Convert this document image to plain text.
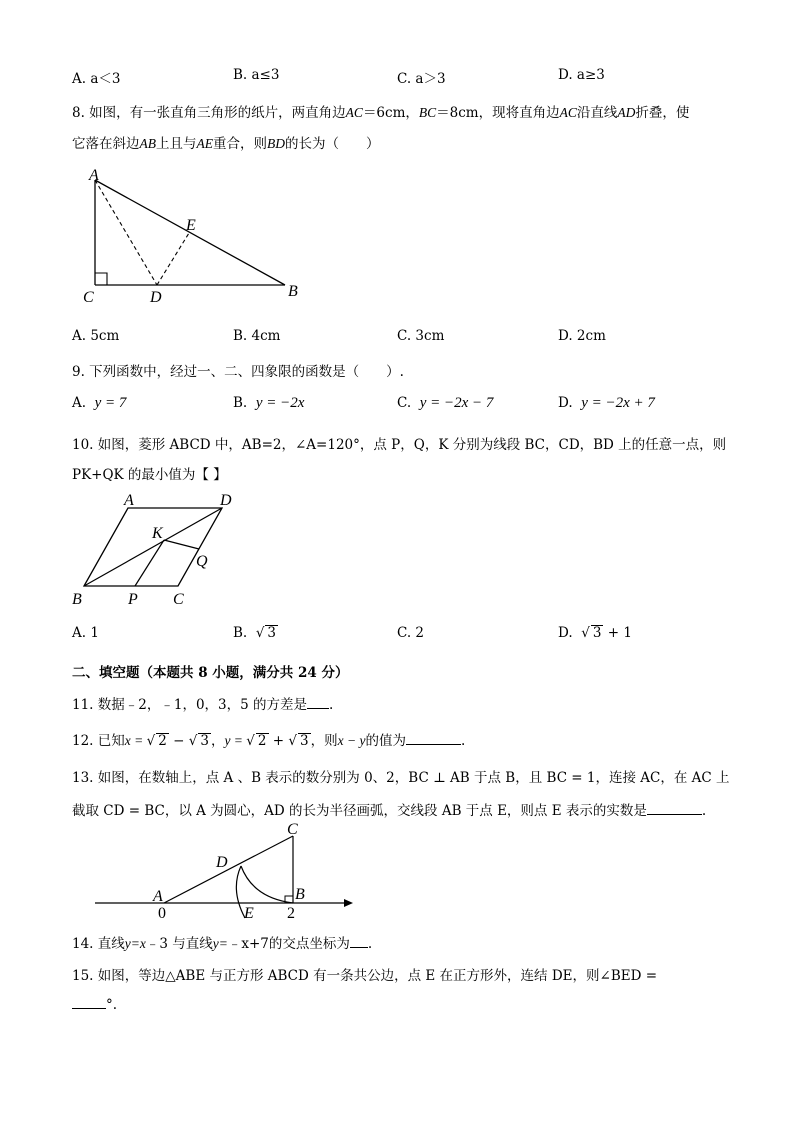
A. a＜3	B. a≤3	C. a＞3	D. a≥3
8. 如图，有一张直角三角形的纸片，两直角边AC＝6cm，BC＝8cm，现将直角边AC沿直线AD折叠，使
它落在斜边AB上且与AE重合，则BD的长为（　　）
A
E
C	D	B
A. 5cm	B. 4cm	C. 3cm	D. 2cm
9. 下列函数中，经过一、二、四象限的函数是（　　）.
A. y = 7	B. y = −2x	C. y = −2x − 7	D. y = −2x + 7
10. 如图，菱形 ABCD 中，AB=2，∠A=120°，点 P，Q，K 分别为线段 BC，CD，BD 上的任意一点，则
PK+QK 的最小值为【 】
A	D
K
Q
B	P C
A. 1	B. √ 3	C. 2	D. √ 3 + 1
二、填空题（本题共 8 小题，满分共 24 分）
11. 数据﹣2，﹣1，0，3，5 的方差是 .
12. 已知x = √ 2 − √ 3 ，y = √ 2 + √ 3 ，则x − y的值为	.
13. 如图，在数轴上，点 A 、B 表示的数分别为 0、2，BC ⊥ AB 于点 B，且 BC = 1，连接 AC，在 AC 上
截取 CD = BC，以 A 为圆心，AD 的长为半径画弧，交线段 AB 于点 E，则点 E 表示的实数是	.
C
D
A	B
0	E 2
14. 直线y=x﹣3 与直线y=﹣x+7的交点坐标为 .
15. 如图，等边△ABE 与正方形 ABCD 有一条共公边，点 E 在正方形外，连结 DE，则∠BED =
°.
